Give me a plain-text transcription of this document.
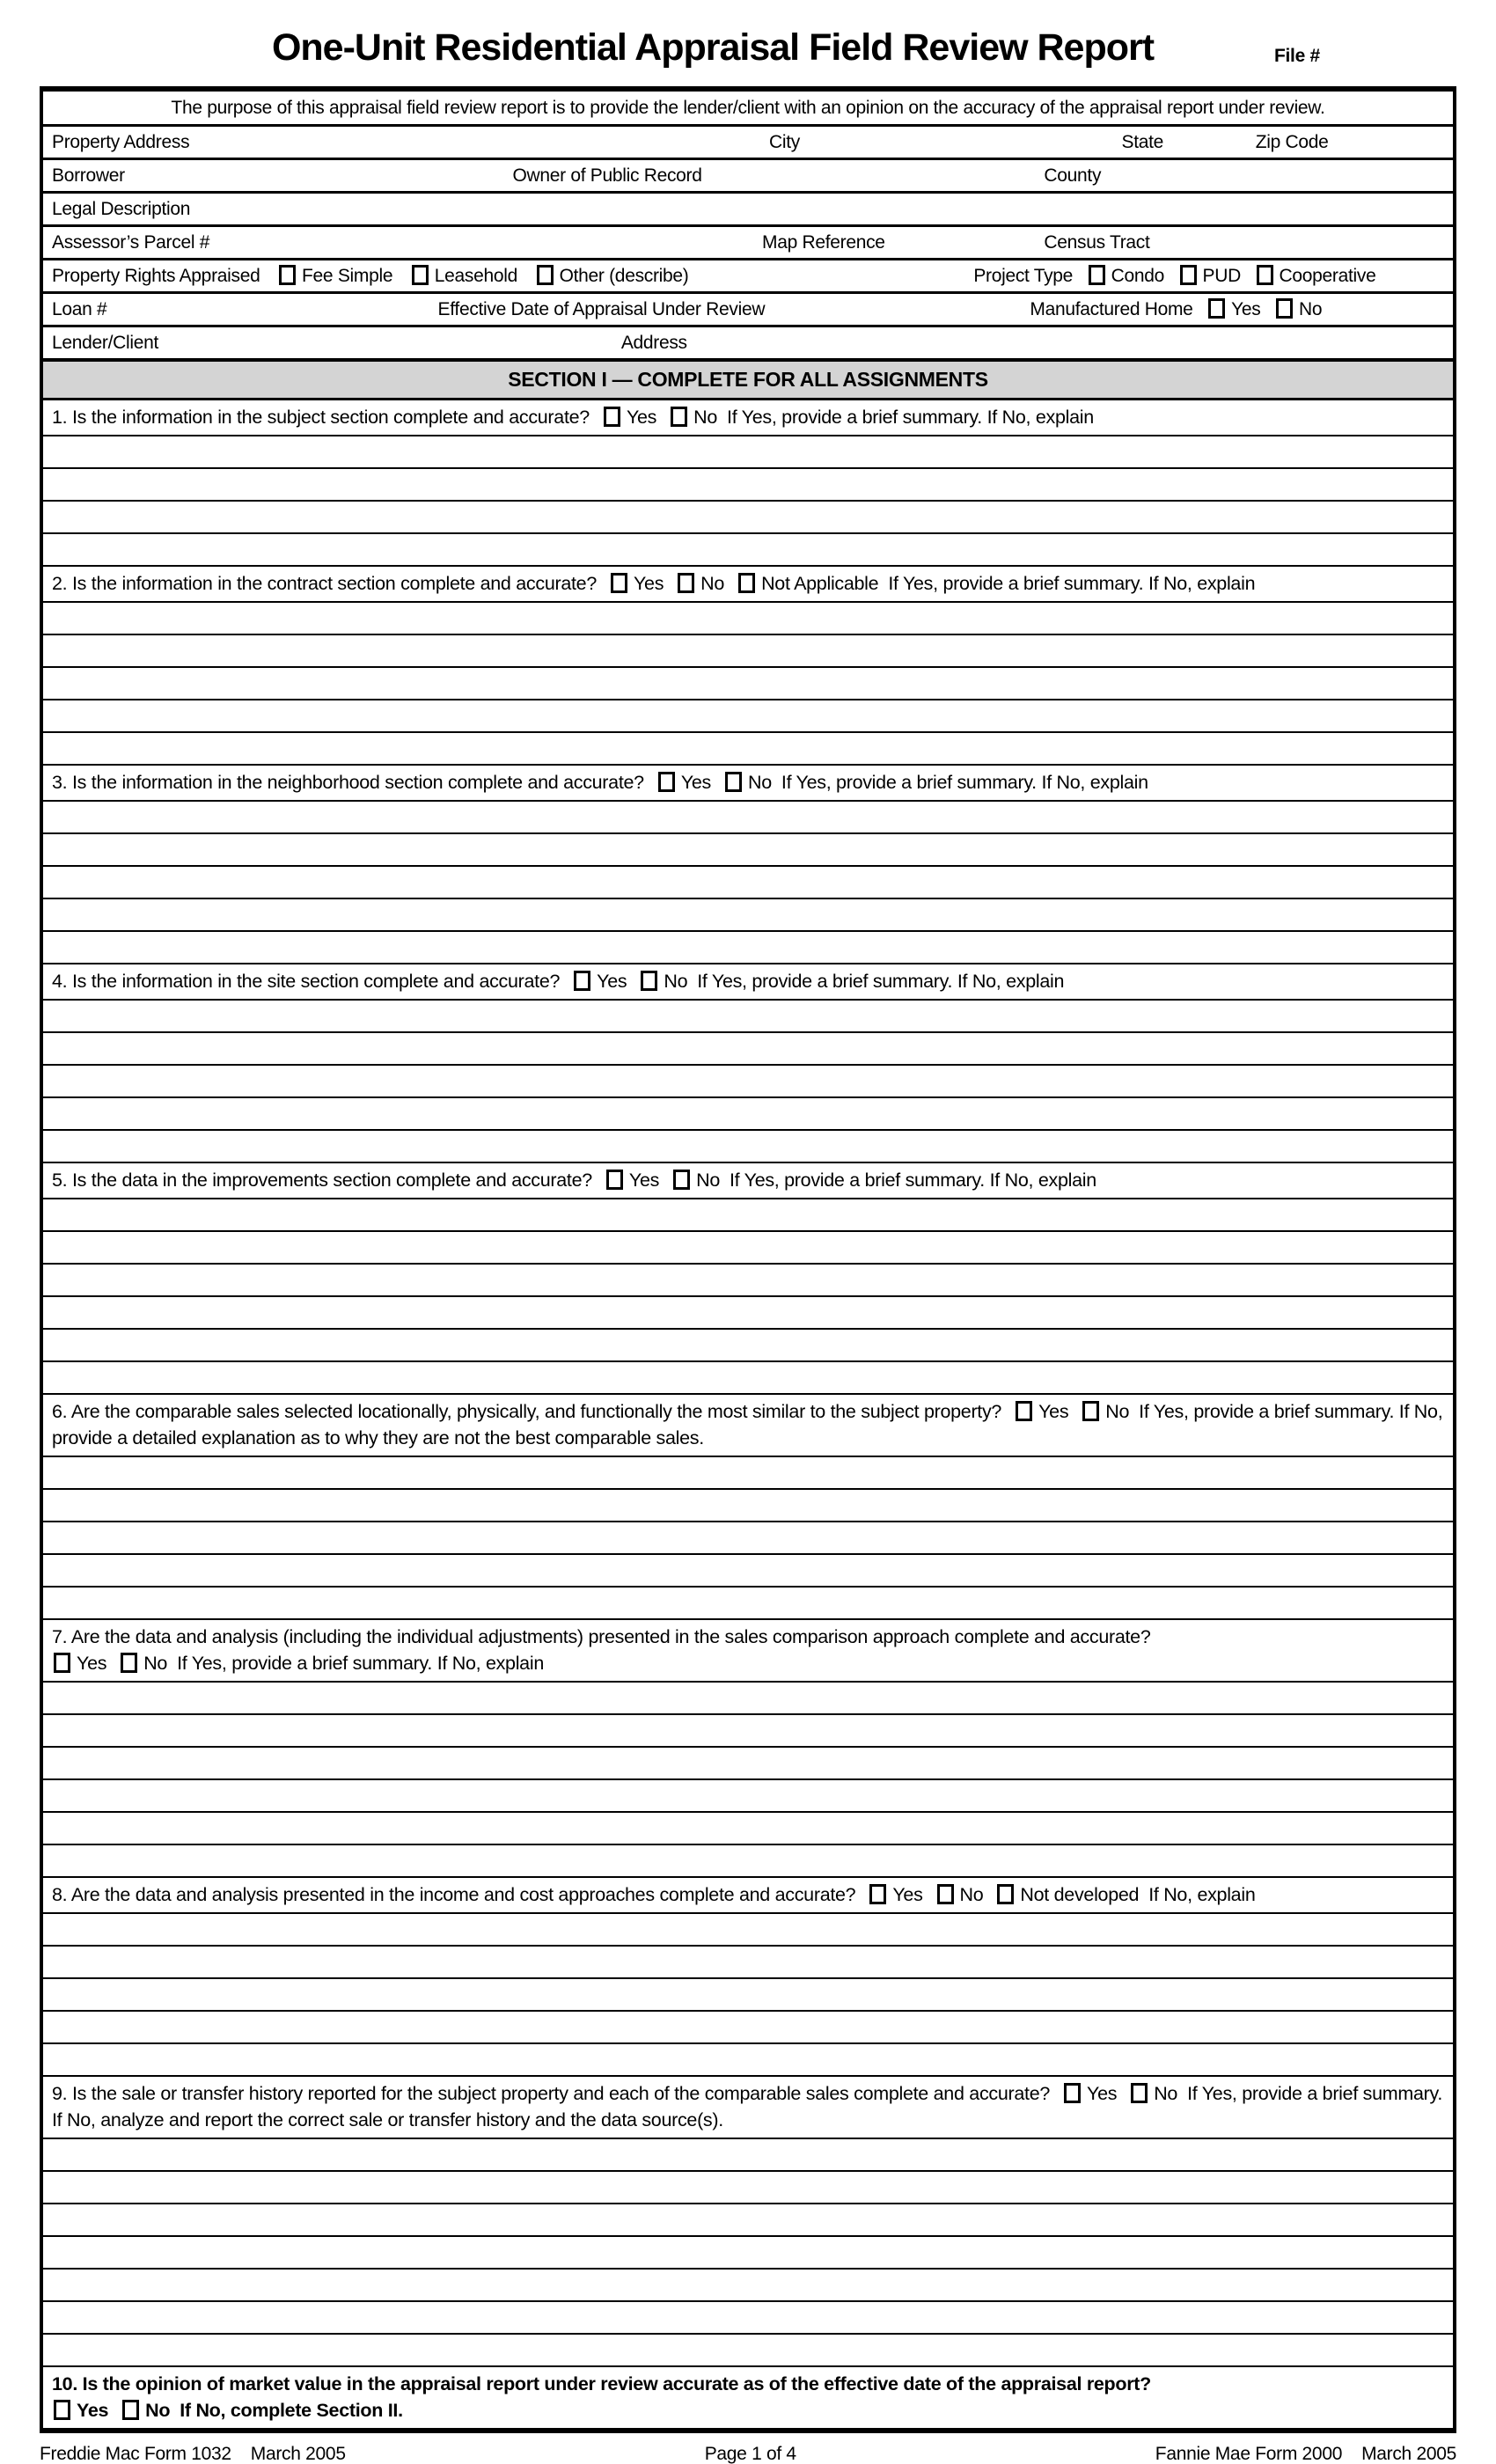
One-Unit Residential Appraisal Field Review Report	File #
The purpose of this appraisal field review report is to provide the lender/client with an opinion on the accuracy of the appraisal report under review.
Property Address	City	State	Zip Code
Borrower	Owner of Public Record	County
Legal Description
Assessor’s Parcel #	Map Reference	Census Tract
Property Rights Appraised Fee Simple Leasehold Other (describe)	Project Type Condo PUD Cooperative
Loan #	Effective Date of Appraisal Under Review	Manufactured Home Yes No
Lender/Client	Address
SECTION I — COMPLETE FOR ALL ASSIGNMENTS
1. Is the information in the subject section complete and accurate? Yes No If Yes, provide a brief summary. If No, explain
2. Is the information in the contract section complete and accurate? Yes No Not Applicable If Yes, provide a brief summary. If No, explain
3. Is the information in the neighborhood section complete and accurate? Yes No If Yes, provide a brief summary. If No, explain
4. Is the information in the site section complete and accurate? Yes No If Yes, provide a brief summary. If No, explain
5. Is the data in the improvements section complete and accurate? Yes No If Yes, provide a brief summary. If No, explain
6. Are the comparable sales selected locationally, physically, and functionally the most similar to the subject property? Yes No If Yes, provide a brief summary. If No, provide a detailed explanation as to why they are not the best comparable sales.
7. Are the data and analysis (including the individual adjustments) presented in the sales comparison approach complete and accurate?
Yes No If Yes, provide a brief summary. If No, explain
8. Are the data and analysis presented in the income and cost approaches complete and accurate? Yes No Not developed If No, explain
9. Is the sale or transfer history reported for the subject property and each of the comparable sales complete and accurate? Yes No If Yes, provide a brief summary. If No, analyze and report the correct sale or transfer history and the data source(s).
10. Is the opinion of market value in the appraisal report under review accurate as of the effective date of the appraisal report?
Yes No If No, complete Section II.
Freddie Mac Form 1032 March 2005	Page 1 of 4	Fannie Mae Form 2000 March 2005
